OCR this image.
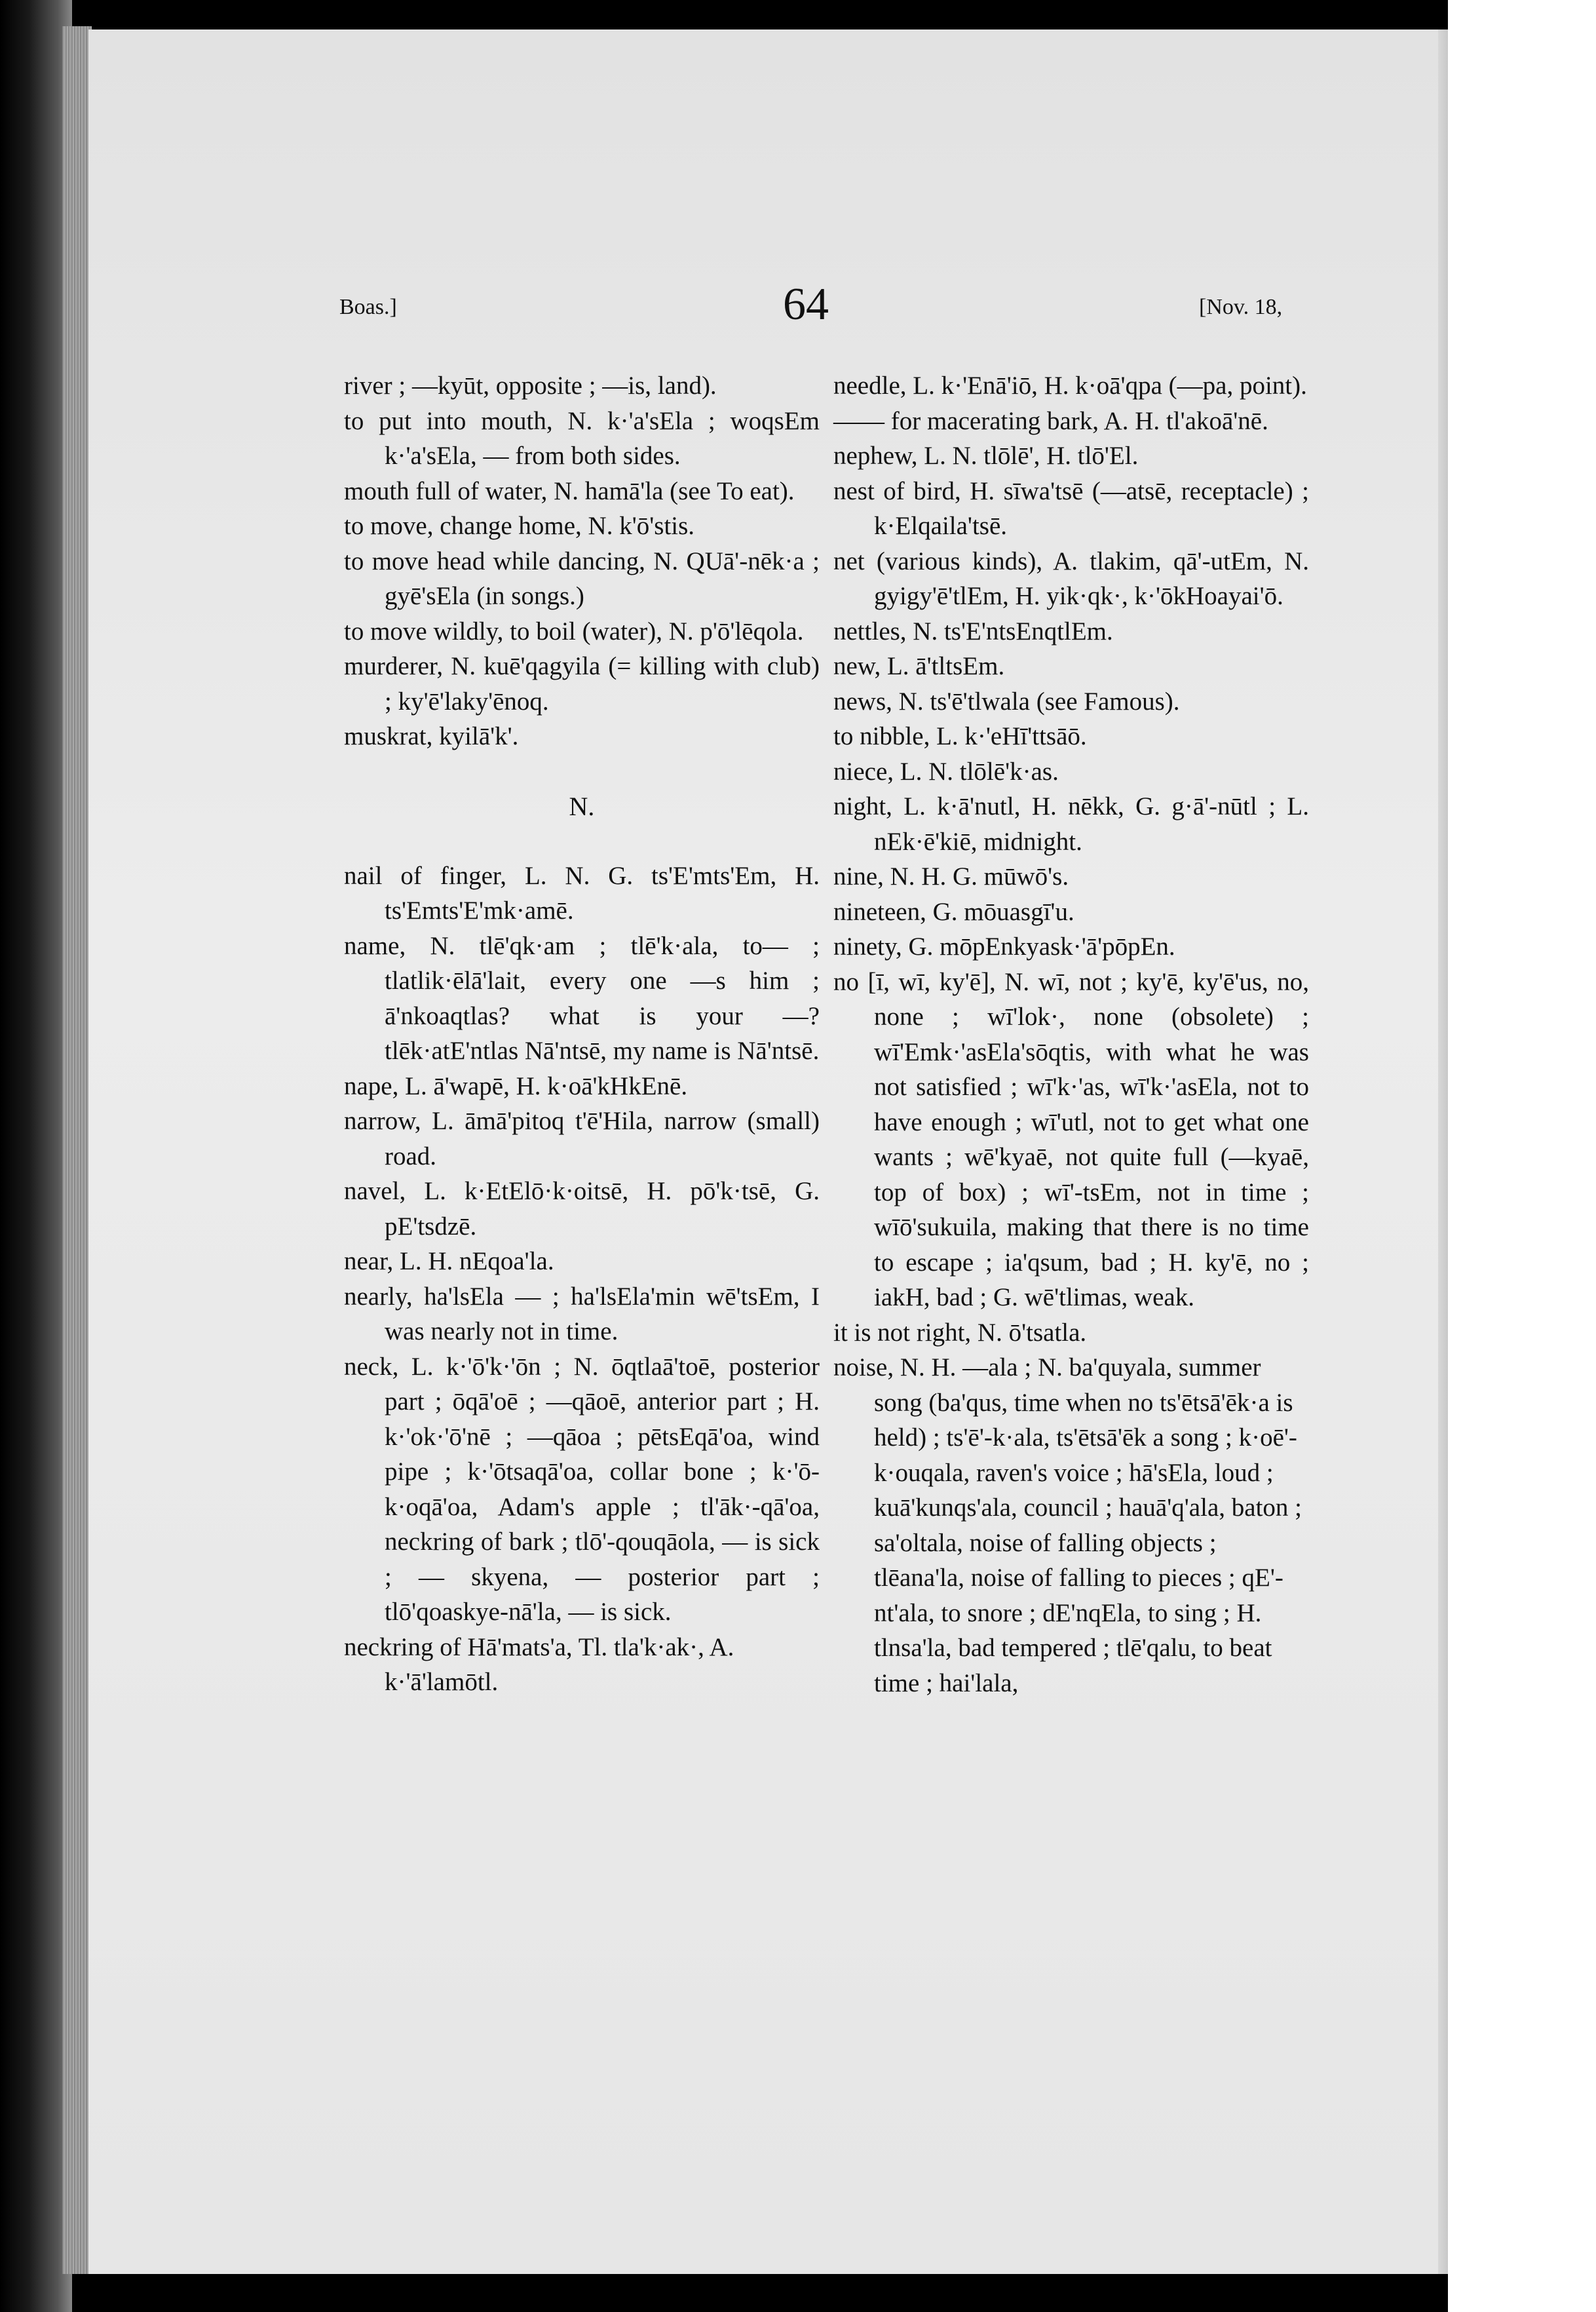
Boas.]	64	[Nov. 18,

river ; —kyūt, opposite ; —is, land).

to put into mouth, N. k·'a'sEla ; woqsEm k·'a'sEla, — from both sides.

mouth full of water, N. hamā'la (see To eat).

to move, change home, N. k'ō'stis.

to move head while dancing, N. QUā'-nēk·a ; gyē'sEla (in songs.)

to move wildly, to boil (water), N. p'ō'lēqola.

murderer, N. kuē'qagyila (= killing with club) ; ky'ē'laky'ēnoq.

muskrat, kyilā'k'.

N.

nail of finger, L. N. G. ts'E'mts'Em, H. ts'Emts'E'mk·amē.

name, N. tlē'qk·am ; tlē'k·ala, to— ; tlatlik·ēlā'lait, every one —s him ; ā'nkoaqtlas? what is your —? tlēk·atE'ntlas Nā'ntsē, my name is Nā'ntsē.

nape, L. ā'wapē, H. k·oā'kHkEnē.

narrow, L. āmā'pitoq t'ē'Hila, narrow (small) road.

navel, L. k·EtElō·k·oitsē, H. pō'k·tsē, G. pE'tsdzē.

near, L. H. nEqoa'la.

nearly, ha'lsEla — ; ha'lsEla'min wē'tsEm, I was nearly not in time.

neck, L. k·'ō'k·'ōn ; N. ōqtlaā'toē, posterior part ; ōqā'oē ; —qāoē, anterior part ; H. k·'ok·'ō'nē ; —qāoa ; pētsEqā'oa, wind pipe ; k·'ōtsaqā'oa, collar bone ; k·'ō-k·oqā'oa, Adam's apple ; tl'āk·-qā'oa, neckring of bark ; tlō'-qouqāola, — is sick ; — skyena, — posterior part ; tlō'qoaskye-nā'la, — is sick.

neckring of Hā'mats'a, Tl. tla'k·ak·, A. k·'ā'lamōtl.

needle, L. k·'Enā'iō, H. k·oā'qpa (—pa, point).

—— for macerating bark, A. H. tl'akoā'nē.

nephew, L. N. tlōlē', H. tlō'El.

nest of bird, H. sīwa'tsē (—atsē, receptacle) ; k·Elqaila'tsē.

net (various kinds), A. tlakim, qā'-utEm, N. gyigy'ē'tlEm, H. yik·qk·, k·'ōkHoayai'ō.

nettles, N. ts'E'ntsEnqtlEm.

new, L. ā'tltsEm.

news, N. ts'ē'tlwala (see Famous).

to nibble, L. k·'eHī'ttsāō.

niece, L. N. tlōlē'k·as.

night, L. k·ā'nutl, H. nēkk, G. g·ā'-nūtl ; L. nEk·ē'kiē, midnight.

nine, N. H. G. mūwō's.

nineteen, G. mōuasgī'u.

ninety, G. mōpEnkyask·'ā'pōpEn.

no [ī, wī, ky'ē], N. wī, not ; ky'ē, ky'ē'us, no, none ; wī'lok·, none (obsolete) ; wī'Emk·'asEla'sōqtis, with what he was not satisfied ; wī'k·'as, wī'k·'asEla, not to have enough ; wī'utl, not to get what one wants ; wē'kyaē, not quite full (—kyaē, top of box) ; wī'-tsEm, not in time ; wīō'sukuila, making that there is no time to escape ; ia'qsum, bad ; H. ky'ē, no ; iakH, bad ; G. wē'tlimas, weak.

it is not right, N. ō'tsatla.

noise, N. H. —ala ; N. ba'quyala, summer song (ba'qus, time when no ts'ētsā'ēk·a is held) ; ts'ē'-k·ala, ts'ētsā'ēk a song ; k·oē'-k·ouqala, raven's voice ; hā'sEla, loud ; kuā'kunqs'ala, council ; hauā'q'ala, baton ; sa'oltala, noise of falling objects ; tlēana'la, noise of falling to pieces ; qE'-nt'ala, to snore ; dE'nqEla, to sing ; H. tlnsa'la, bad tempered ; tlē'qalu, to beat time ; hai'lala,
